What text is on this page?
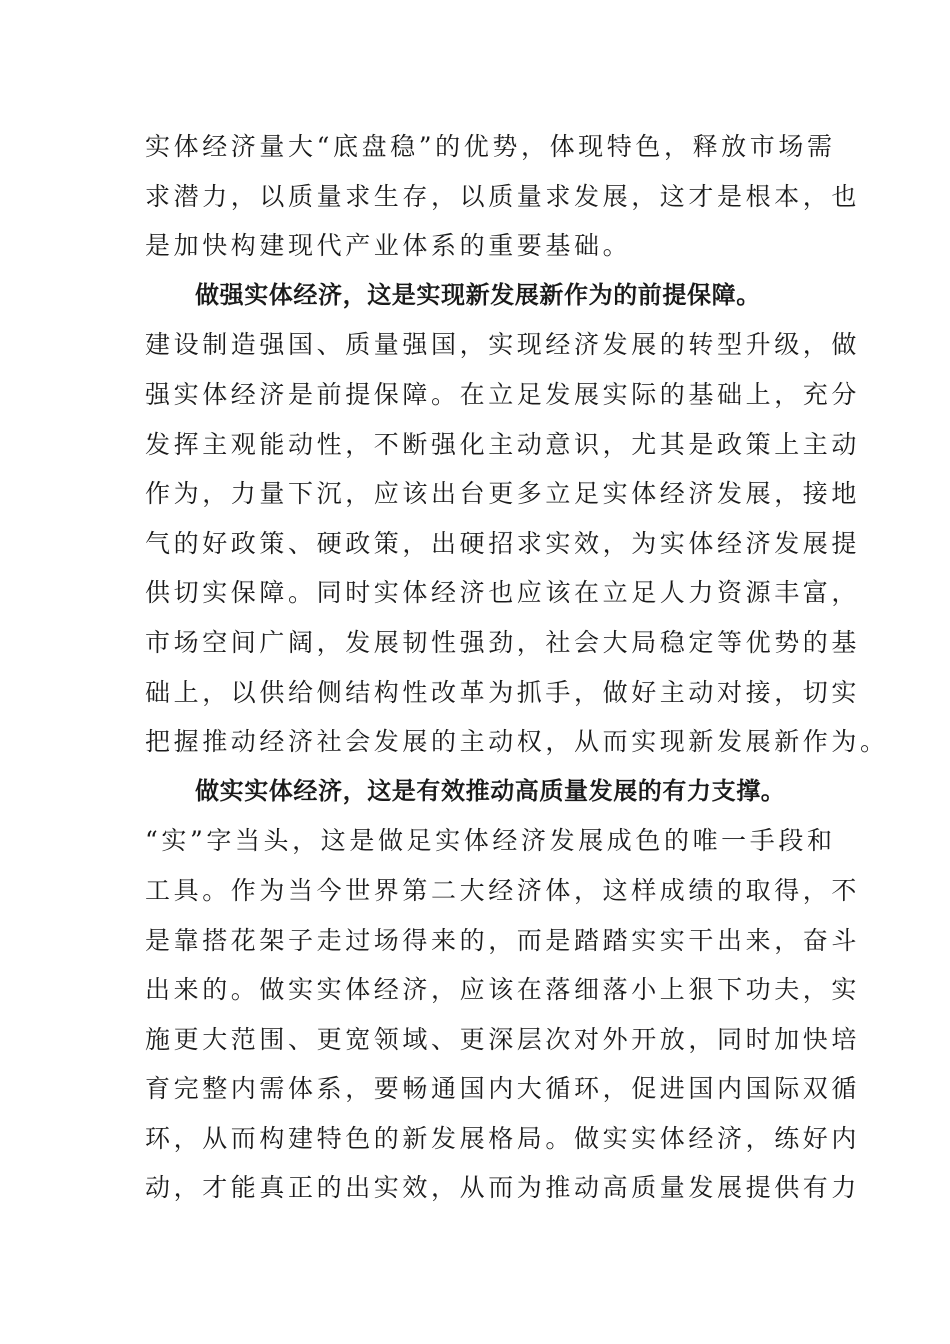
实体经济量大“底盘稳”的优势，体现特色，释放市场需
求潜力，以质量求生存，以质量求发展，这才是根本，也
是加快构建现代产业体系的重要基础。
做强实体经济，这是实现新发展新作为的前提保障。
建设制造强国、质量强国，实现经济发展的转型升级，做
强实体经济是前提保障。在立足发展实际的基础上，充分
发挥主观能动性，不断强化主动意识，尤其是政策上主动
作为，力量下沉，应该出台更多立足实体经济发展，接地
气的好政策、硬政策，出硬招求实效，为实体经济发展提
供切实保障。同时实体经济也应该在立足人力资源丰富，
市场空间广阔，发展韧性强劲，社会大局稳定等优势的基
础上，以供给侧结构性改革为抓手，做好主动对接，切实
把握推动经济社会发展的主动权，从而实现新发展新作为。
做实实体经济，这是有效推动高质量发展的有力支撑。
“实”字当头，这是做足实体经济发展成色的唯一手段和
工具。作为当今世界第二大经济体，这样成绩的取得，不
是靠搭花架子走过场得来的，而是踏踏实实干出来，奋斗
出来的。做实实体经济，应该在落细落小上狠下功夫，实
施更大范围、更宽领域、更深层次对外开放，同时加快培
育完整内需体系，要畅通国内大循环，促进国内国际双循
环，从而构建特色的新发展格局。做实实体经济，练好内
动，才能真正的出实效，从而为推动高质量发展提供有力
